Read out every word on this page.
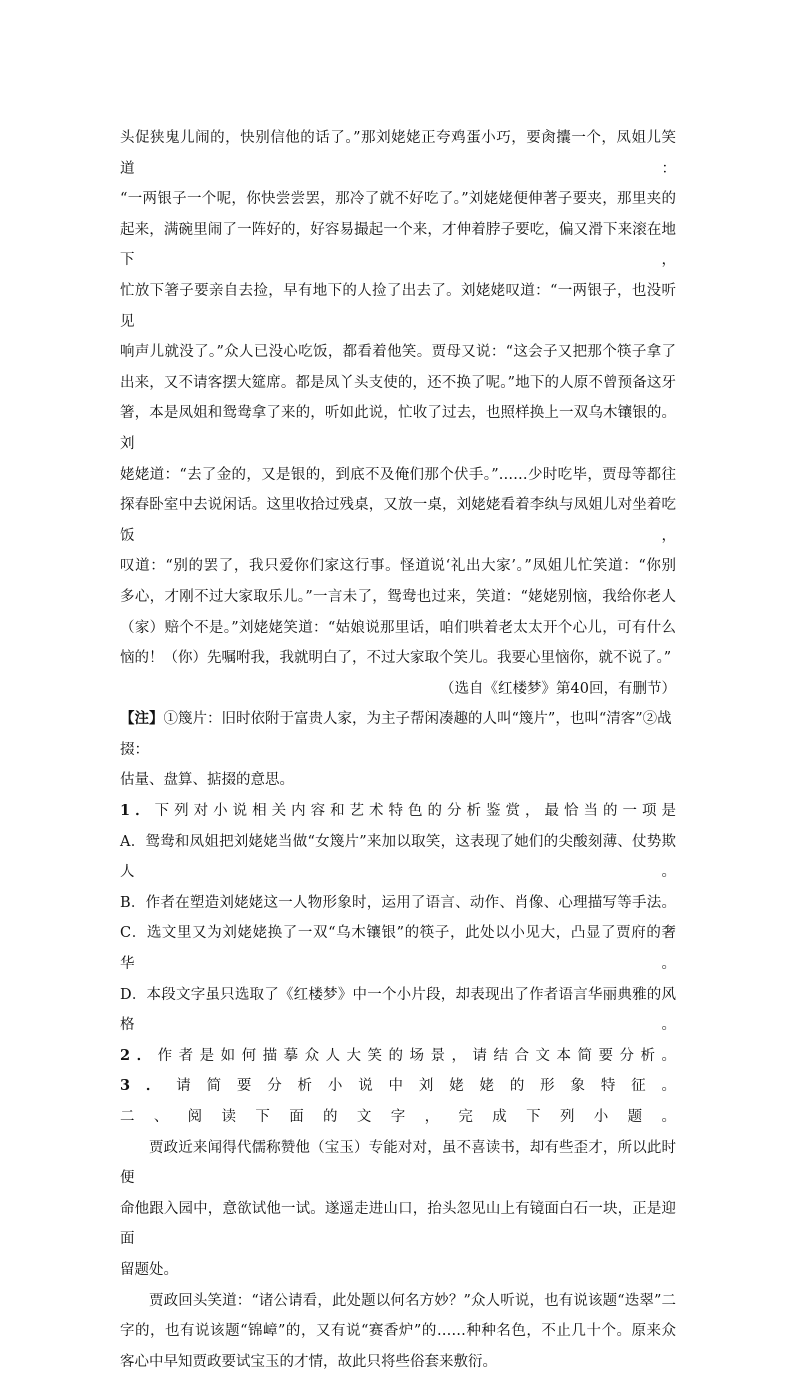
头促狭鬼儿闹的，快别信他的话了。”那刘姥姥正夸鸡蛋小巧，要肏攮一个，凤姐儿笑道：

“一两银子一个呢，你快尝尝罢，那冷了就不好吃了。”刘姥姥便伸著子要夹，那里夹的

起来，满碗里闹了一阵好的，好容易撮起一个来，才伸着脖子要吃，偏又滑下来滚在地下，

忙放下箸子要亲自去捡，早有地下的人捡了出去了。刘姥姥叹道：“一两银子，也没听见

响声儿就没了。”众人已没心吃饭，都看着他笑。贾母又说：“这会子又把那个筷子拿了

出来，又不请客摆大筵席。都是凤丫头支使的，还不换了呢。”地下的人原不曾预备这牙

箸，本是凤姐和鸳鸯拿了来的，听如此说，忙收了过去，也照样换上一双乌木镶银的。刘

姥姥道：“去了金的，又是银的，到底不及俺们那个伏手。”……少时吃毕，贾母等都往

探春卧室中去说闲话。这里收拾过残桌，又放一桌，刘姥姥看着李纨与凤姐儿对坐着吃饭，

叹道：“别的罢了，我只爱你们家这行事。怪道说‘礼出大家’。”凤姐儿忙笑道：“你别

多心，才刚不过大家取乐儿。”一言未了，鸳鸯也过来，笑道：“姥姥别恼，我给你老人

（家）赔个不是。”刘姥姥笑道：“姑娘说那里话，咱们哄着老太太开个心儿，可有什么

恼的！（你）先嘱咐我，我就明白了，不过大家取个笑儿。我要心里恼你，就不说了。”

（选自《红楼梦》第40回，有删节）

【注】①篾片：旧时依附于富贵人家，为主子帮闲凑趣的人叫“篾片”，也叫“清客”②战掇：
估量、盘算、掂掇的意思。

1．下列对小说相关内容和艺术特色的分析鉴赏，最恰当的一项是

A．鸳鸯和凤姐把刘姥姥当做“女篾片”来加以取笑，这表现了她们的尖酸刻薄、仗势欺人。

B．作者在塑造刘姥姥这一人物形象时，运用了语言、动作、肖像、心理描写等手法。

C．选文里又为刘姥姥换了一双“乌木镶银”的筷子，此处以小见大，凸显了贾府的奢华。

D．本段文字虽只选取了《红楼梦》中一个小片段，却表现出了作者语言华丽典雅的风格。

2．作者是如何描摹众人大笑的场景，请结合文本简要分析。

3．请简要分析小说中刘姥姥的形象特征。

二、阅读下面的文字，完成下列小题。

贾政近来闻得代儒称赞他（宝玉）专能对对，虽不喜读书，却有些歪才，所以此时便

命他跟入园中，意欲试他一试。遂遥走进山口，抬头忽见山上有镜面白石一块，正是迎面

留题处。

贾政回头笑道：“诸公请看，此处题以何名方妙？”众人听说，也有说该题“迭翠”二

字的，也有说该题“锦嶂”的，又有说“赛香炉”的……种种名色，不止几十个。原来众

客心中早知贾政要试宝玉的才情，故此只将些俗套来敷衍。
